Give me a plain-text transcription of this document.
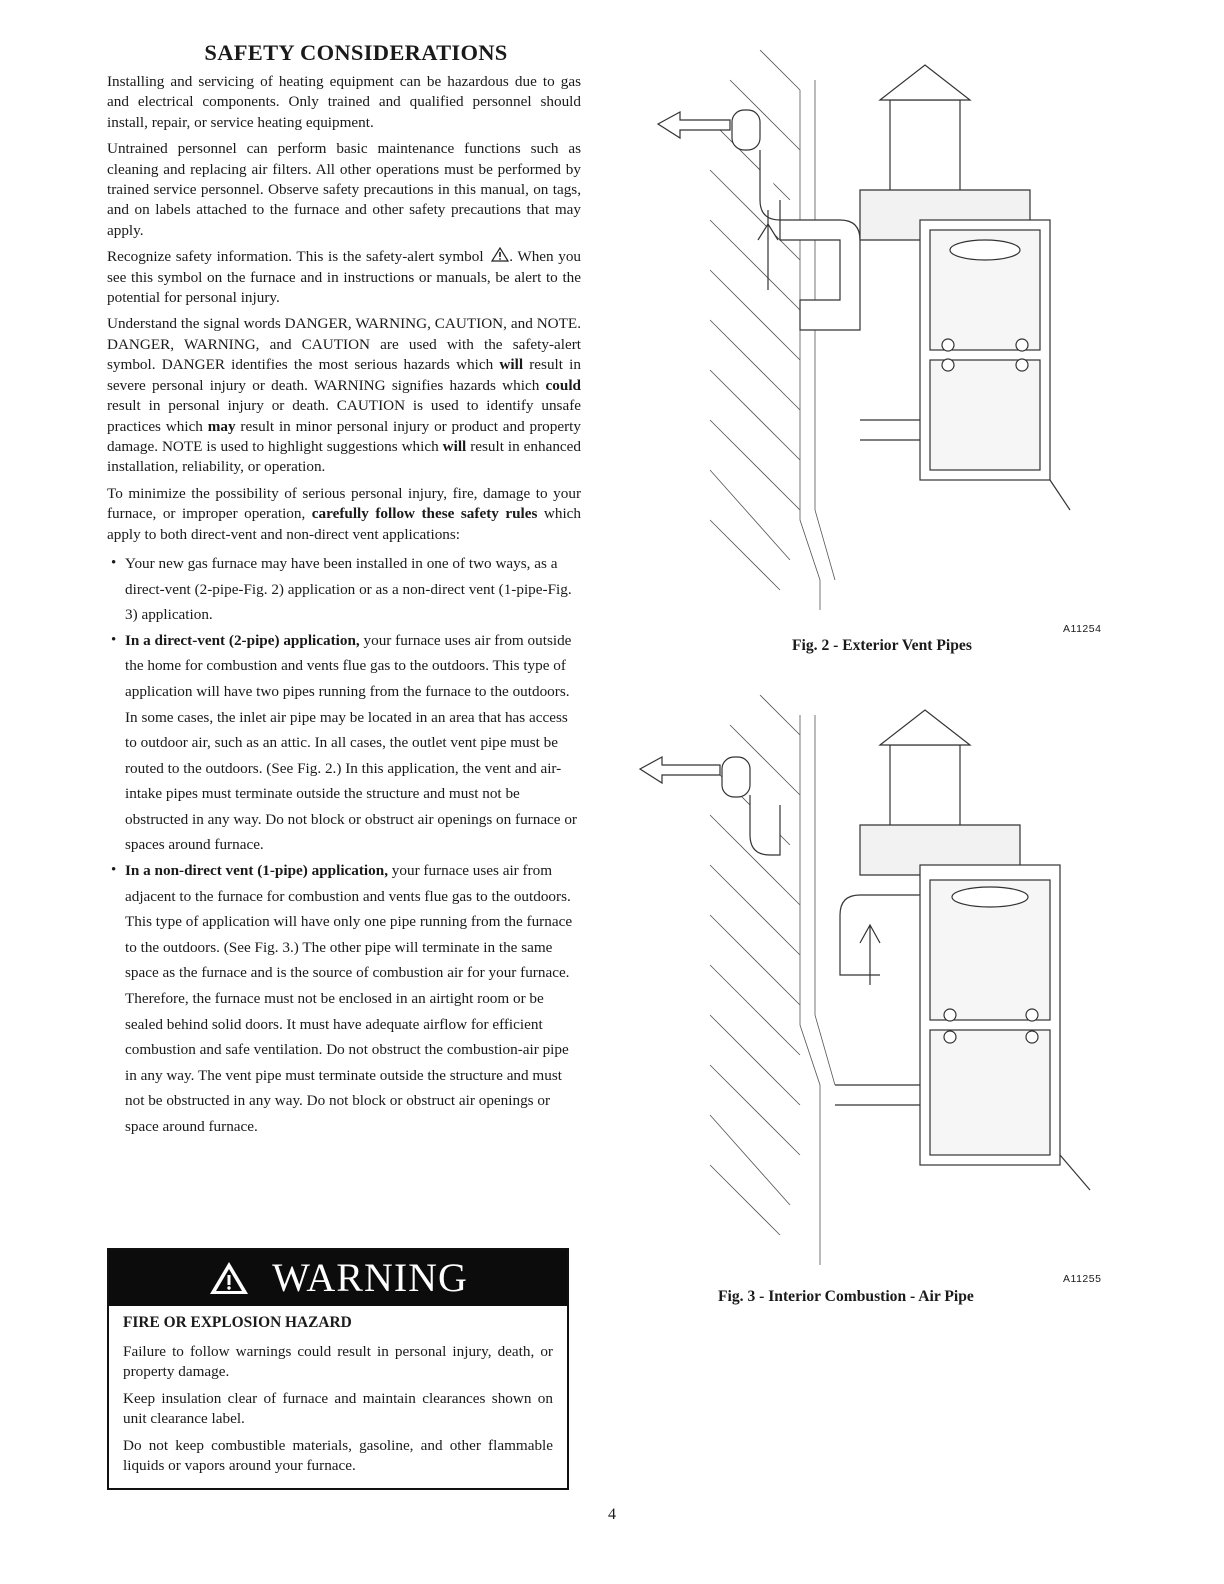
SAFETY CONSIDERATIONS

Installing and servicing of heating equipment can be hazardous due to gas and electrical components. Only trained and qualified personnel should install, repair, or service heating equipment.

Untrained personnel can perform basic maintenance functions such as cleaning and replacing air filters. All other operations must be performed by trained service personnel. Observe safety precautions in this manual, on tags, and on labels attached to the furnace and other safety precautions that may apply.

Recognize safety information. This is the safety-alert symbol . When you see this symbol on the furnace and in instructions or manuals, be alert to the potential for personal injury.

Understand the signal words DANGER, WARNING, CAUTION, and NOTE. DANGER, WARNING, and CAUTION are used with the safety-alert symbol. DANGER identifies the most serious hazards which will result in severe personal injury or death. WARNING signifies hazards which could result in personal injury or death. CAUTION is used to identify unsafe practices which may result in minor personal injury or product and property damage. NOTE is used to highlight suggestions which will result in enhanced installation, reliability, or operation.

To minimize the possibility of serious personal injury, fire, damage to your furnace, or improper operation, carefully follow these safety rules which apply to both direct-vent and non-direct vent applications:

• Your new gas furnace may have been installed in one of two ways, as a direct-vent (2-pipe-Fig. 2) application or as a non-direct vent (1-pipe-Fig. 3) application.
• In a direct-vent (2-pipe) application, your furnace uses air from outside the home for combustion and vents flue gas to the outdoors. This type of application will have two pipes running from the furnace to the outdoors. In some cases, the inlet air pipe may be located in an area that has access to outdoor air, such as an attic. In all cases, the outlet vent pipe must be routed to the outdoors. (See Fig. 2.) In this application, the vent and air-intake pipes must terminate outside the structure and must not be obstructed in any way. Do not block or obstruct air openings on furnace or spaces around furnace.
• In a non-direct vent (1-pipe) application, your furnace uses air from adjacent to the furnace for combustion and vents flue gas to the outdoors. This type of application will have only one pipe running from the furnace to the outdoors. (See Fig. 3.) The other pipe will terminate in the same space as the furnace and is the source of combustion air for your furnace. Therefore, the furnace must not be enclosed in an airtight room or be sealed behind solid doors. It must have adequate airflow for efficient combustion and safe ventilation. Do not obstruct the combustion-air pipe in any way. The vent pipe must terminate outside the structure and must not be obstructed in any way. Do not block or obstruct air openings or space around furnace.
WARNING
FIRE OR EXPLOSION HAZARD

Failure to follow warnings could result in personal injury, death, or property damage.

Keep insulation clear of furnace and maintain clearances shown on unit clearance label.

Do not keep combustible materials, gasoline, and other flammable liquids or vapors around your furnace.

A11254
Fig. 2 - Exterior Vent Pipes
A11255
Fig. 3 - Interior Combustion - Air Pipe
4
